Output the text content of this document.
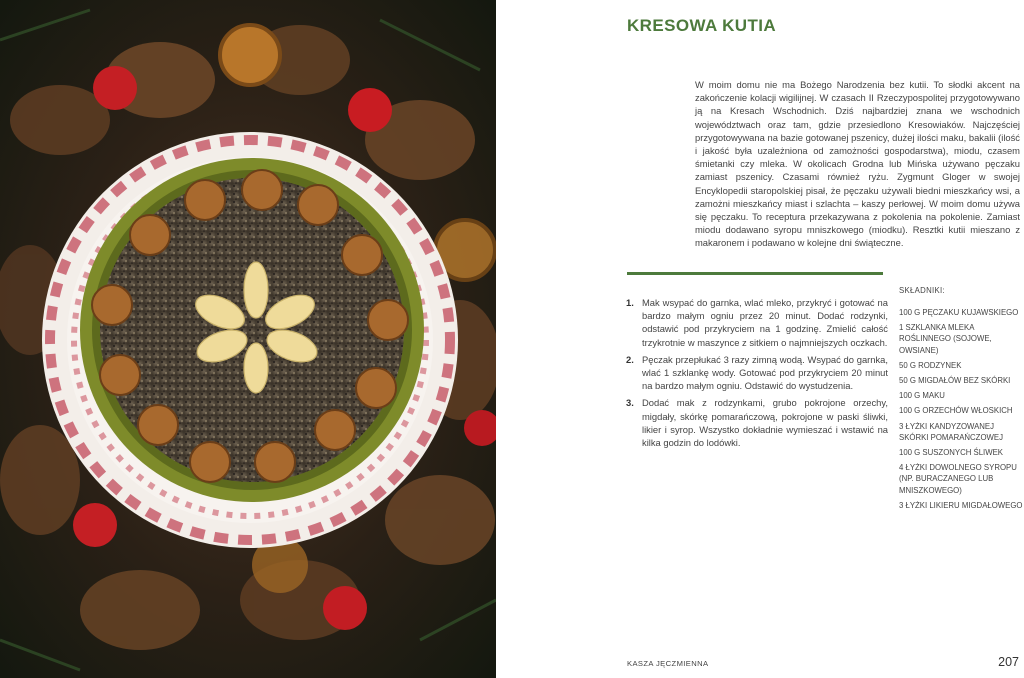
KRESOWA KUTIA

W moim domu nie ma Bożego Narodzenia bez kutii. To słodki akcent na zakończenie kolacji wigilijnej. W czasach II Rzeczypospolitej przygotowywano ją na Kresach Wschodnich. Dziś najbardziej znana we wschodnich województwach oraz tam, gdzie przesiedlono Kresowiaków. Najczęściej przygotowywana na bazie gotowanej pszenicy, dużej ilości maku, bakalii (ilość i jakość była uzależniona od zamożności gospodarstwa), miodu, czasem śmietanki czy mleka. W okolicach Grodna lub Mińska używano pęczaku zamiast pszenicy. Czasami również ryżu. Zygmunt Gloger w swojej Encyklopedii staropolskiej pisał, że pęczaku używali biedni mieszkańcy wsi, a zamożni mieszkańcy miast i szlachta – kaszy perłowej. W moim domu używa się pęczaku. To receptura przekazywana z pokolenia na pokolenie. Zamiast miodu dodawano syropu mniszkowego (miodku). Resztki kutii mieszano z makaronem i podawano w kolejne dni świąteczne.

1. Mak wsypać do garnka, wlać mleko, przykryć i gotować na bardzo małym ogniu przez 20 minut. Dodać rodzynki, odstawić pod przykryciem na 1 godzinę. Zmielić całość trzykrotnie w maszynce z sitkiem o najmniejszych oczkach.
2. Pęczak przepłukać 3 razy zimną wodą. Wsypać do garnka, wlać 1 szklankę wody. Gotować pod przykryciem 20 minut na bardzo małym ogniu. Odstawić do wystudzenia.
3. Dodać mak z rodzynkami, grubo pokrojone orzechy, migdały, skórkę pomarańczową, pokrojone w paski śliwki, likier i syrop. Wszystko dokładnie wymieszać i wstawić na kilka godzin do lodówki.
SKŁADNIKI:
100 G PĘCZAKU KUJAWSKIEGO
1 SZKLANKA MLEKA ROŚLINNEGO (SOJOWE, OWSIANE)
50 G RODZYNEK
50 G MIGDAŁÓW BEZ SKÓRKI
100 G MAKU
100 G ORZECHÓW WŁOSKICH
3 ŁYŻKI KANDYZOWANEJ SKÓRKI POMARAŃCZOWEJ
100 G SUSZONYCH ŚLIWEK
4 ŁYŻKI DOWOLNEGO SYROPU (NP. BURACZANEGO LUB MNISZKOWEGO)
3 ŁYŻKI LIKIERU MIGDAŁOWEGO
KASZA JĘCZMIENNA	207
